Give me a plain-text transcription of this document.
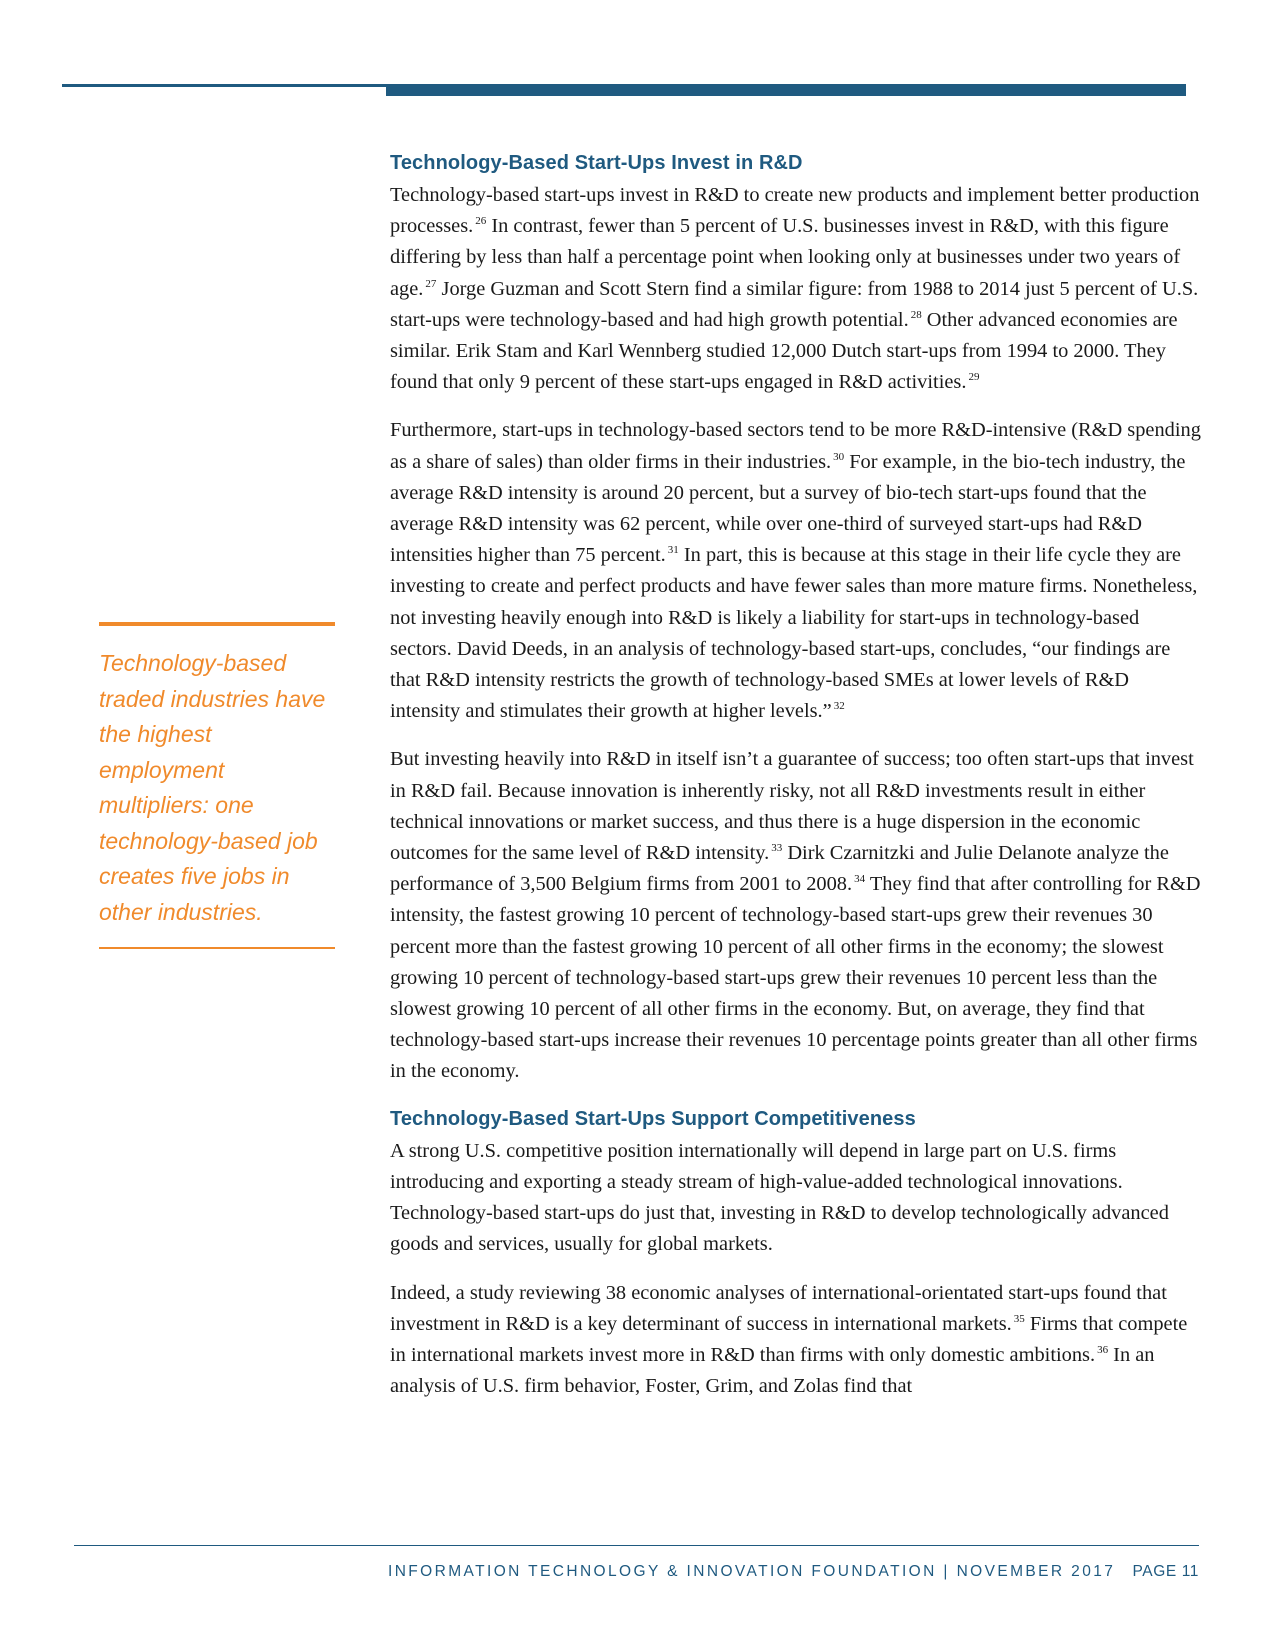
Technology-Based Start-Ups Invest in R&D

Technology-based start-ups invest in R&D to create new products and implement better production processes. $^{26}$ In contrast, fewer than 5 percent of U.S. businesses invest in R&D, with this figure differing by less than half a percentage point when looking only at businesses under two years of age. $^{27}$ Jorge Guzman and Scott Stern find a similar figure: from 1988 to 2014 just 5 percent of U.S. start-ups were technology-based and had high growth potential. $^{28}$ Other advanced economies are similar. Erik Stam and Karl Wennberg studied 12,000 Dutch start-ups from 1994 to 2000. They found that only 9 percent of these start-ups engaged in R&D activities. $^{29}$

Furthermore, start-ups in technology-based sectors tend to be more R&D-intensive (R&D spending as a share of sales) than older firms in their industries. $^{30}$ For example, in the bio-tech industry, the average R&D intensity is around 20 percent, but a survey of bio-tech start-ups found that the average R&D intensity was 62 percent, while over one-third of surveyed start-ups had R&D intensities higher than 75 percent. $^{31}$ In part, this is because at this stage in their life cycle they are investing to create and perfect products and have fewer sales than more mature firms. Nonetheless, not investing heavily enough into R&D is likely a liability for start-ups in technology-based sectors. David Deeds, in an analysis of technology-based start-ups, concludes, “our findings are that R&D intensity restricts the growth of technology-based SMEs at lower levels of R&D intensity and stimulates their growth at higher levels.” $^{32}$

But investing heavily into R&D in itself isn’t a guarantee of success; too often start-ups that invest in R&D fail. Because innovation is inherently risky, not all R&D investments result in either technical innovations or market success, and thus there is a huge dispersion in the economic outcomes for the same level of R&D intensity. $^{33}$ Dirk Czarnitzki and Julie Delanote analyze the performance of 3,500 Belgium firms from 2001 to 2008. $^{34}$ They find that after controlling for R&D intensity, the fastest growing 10 percent of technology-based start-ups grew their revenues 30 percent more than the fastest growing 10 percent of all other firms in the economy; the slowest growing 10 percent of technology-based start-ups grew their revenues 10 percent less than the slowest growing 10 percent of all other firms in the economy. But, on average, they find that technology-based start-ups increase their revenues 10 percentage points greater than all other firms in the economy.

Technology-Based Start-Ups Support Competitiveness

A strong U.S. competitive position internationally will depend in large part on U.S. firms introducing and exporting a steady stream of high-value-added technological innovations. Technology-based start-ups do just that, investing in R&D to develop technologically advanced goods and services, usually for global markets.

Indeed, a study reviewing 38 economic analyses of international-orientated start-ups found that investment in R&D is a key determinant of success in international markets. $^{35}$ Firms that compete in international markets invest more in R&D than firms with only domestic ambitions. $^{36}$ In an analysis of U.S. firm behavior, Foster, Grim, and Zolas find that

Technology-based traded industries have the highest employment multipliers: one technology-based job creates five jobs in other industries.

INFORMATION TECHNOLOGY & INNOVATION FOUNDATION | NOVEMBER 2017 PAGE 11
